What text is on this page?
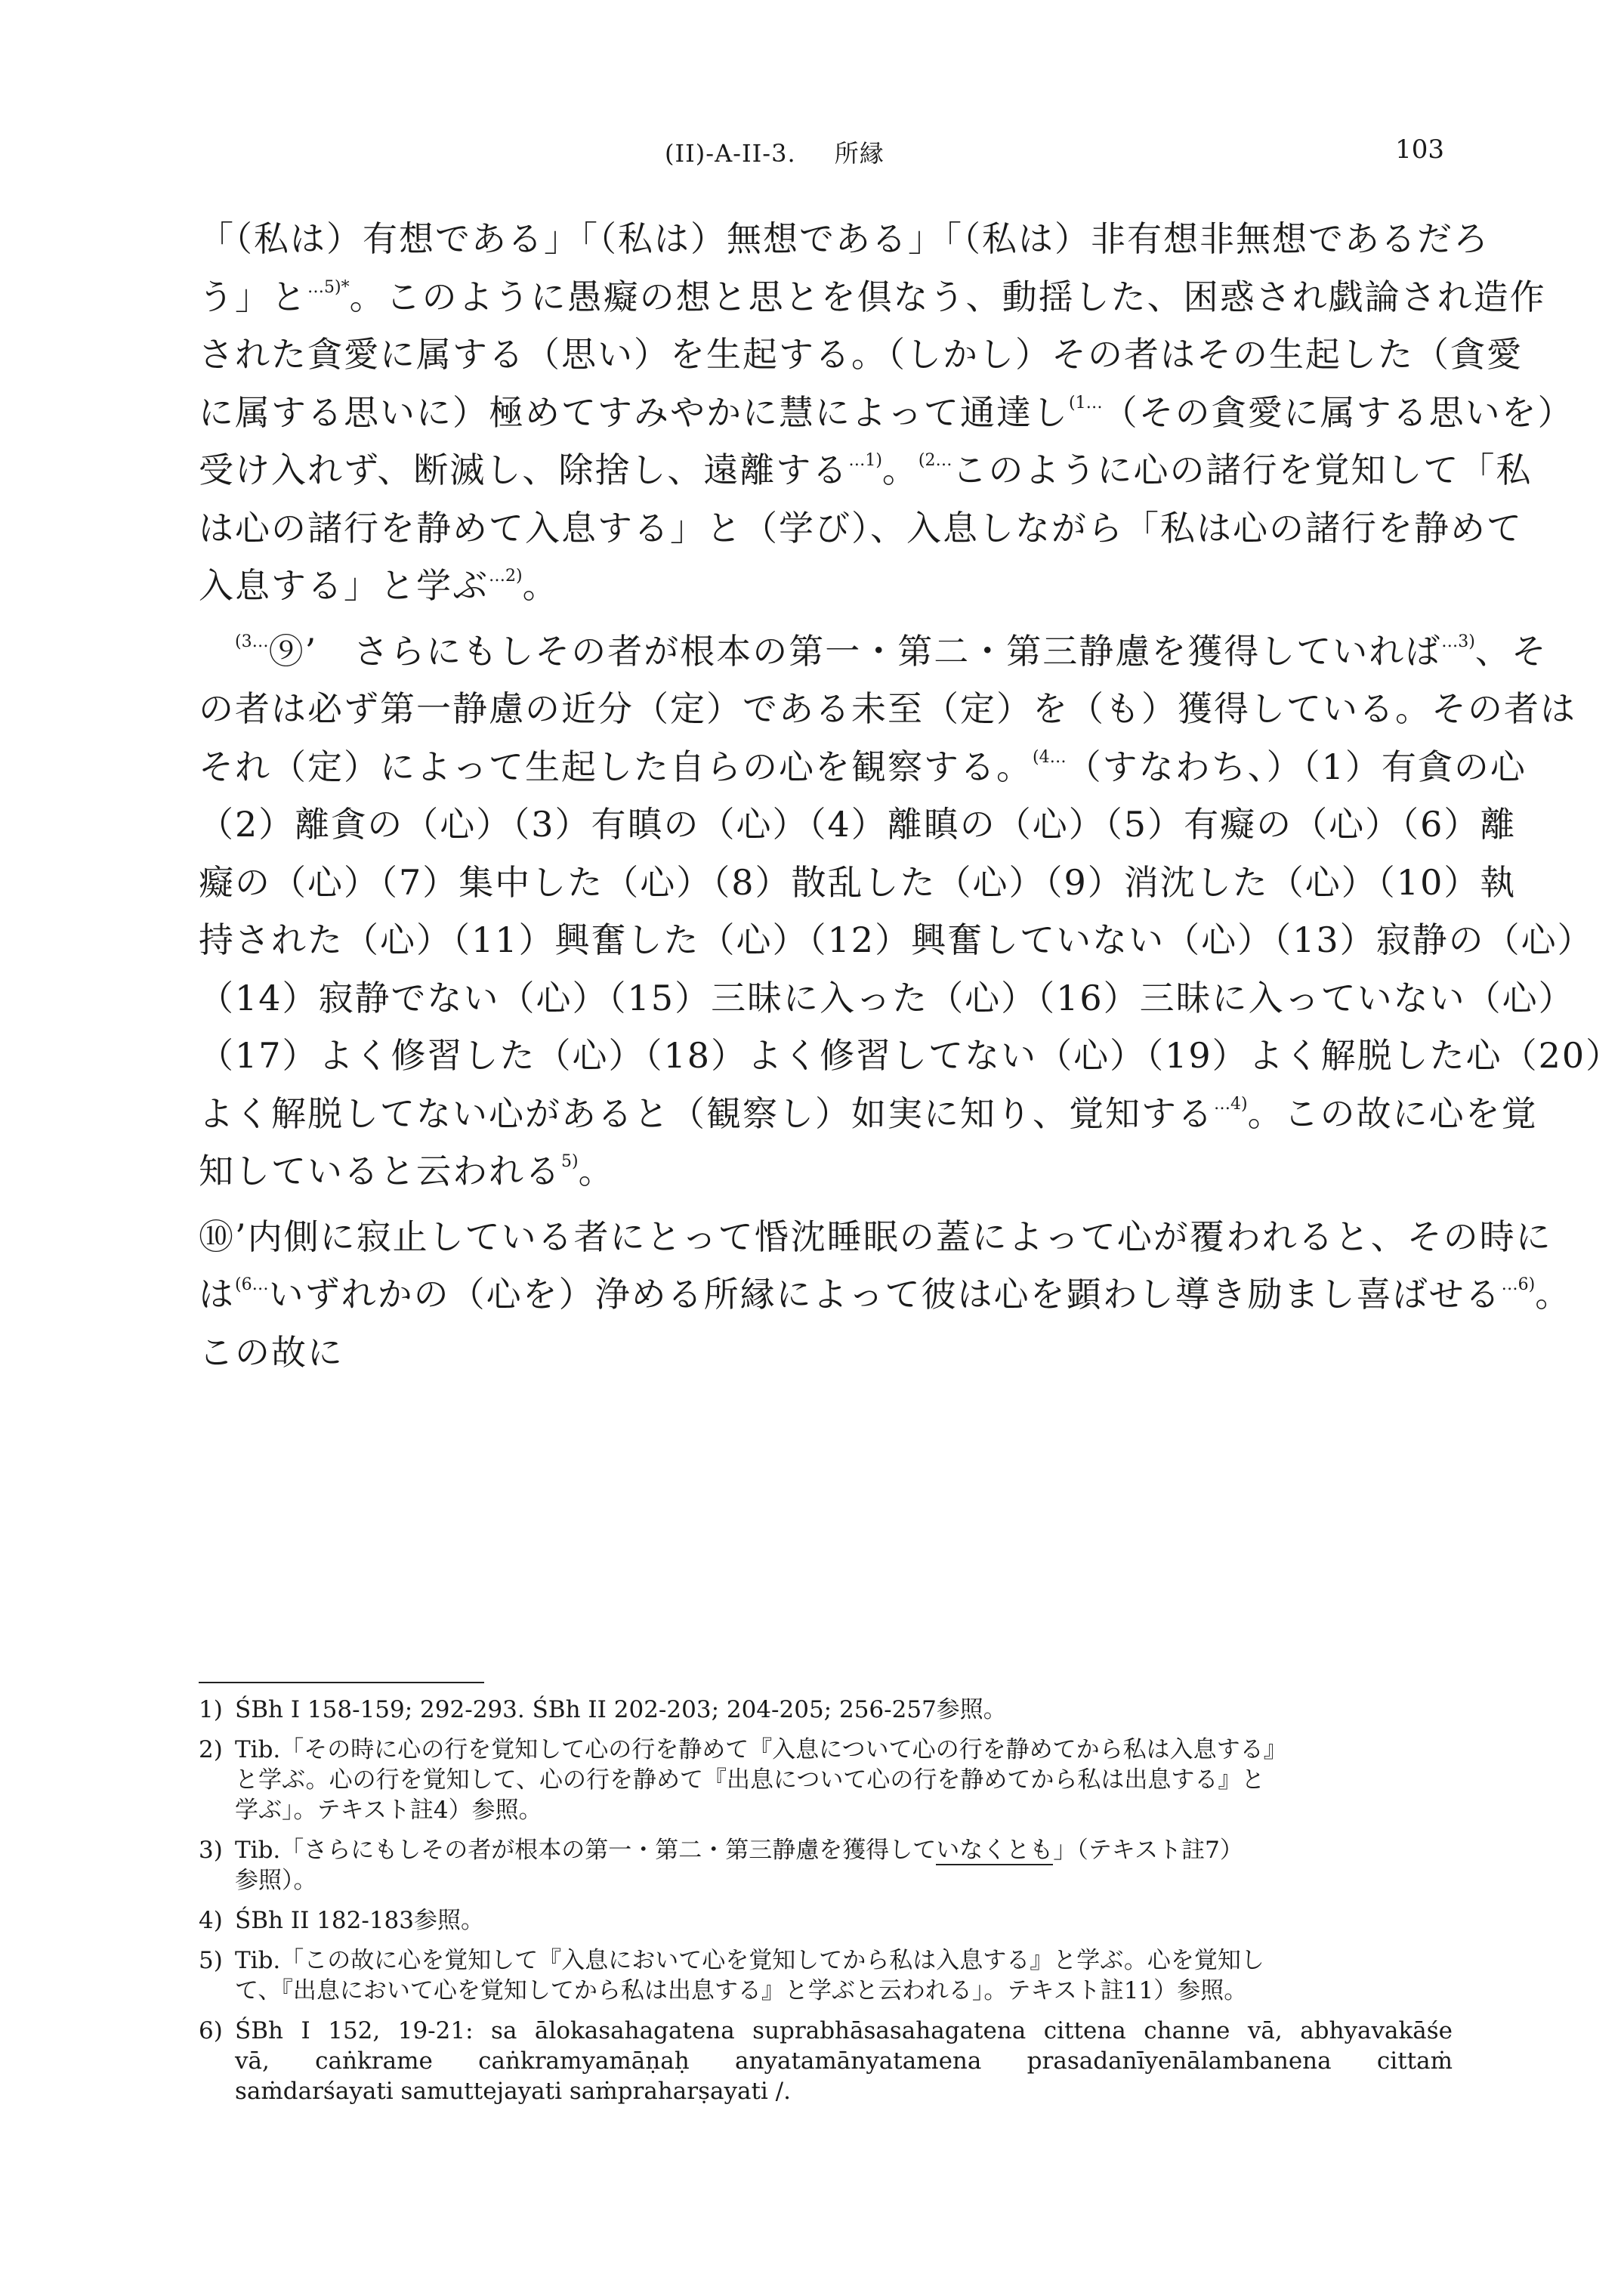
(II)-A-II-3. 所縁	103
「（私は）有想である」「（私は）無想である」「（私は）非有想非無想であるだろ
う」と$^{\dots 5)*}$。このように愚癡の想と思とを倶なう、動揺した、困惑され戯論され造作
された貪愛に属する（思い）を生起する。（しかし）その者はその生起した（貪愛
に属する思いに）極めてすみやかに慧によって通達し$^{(1\dots}$（その貪愛に属する思いを）
受け入れず、断滅し、除捨し、遠離する$^{\dots 1)}$。$^{(2\dots}$このように心の諸行を覚知して「私
は心の諸行を静めて入息する」と（学び）、入息しながら「私は心の諸行を静めて
入息する」と学ぶ$^{\dots 2)}$。
　$^{(3\dots}$⑨’　さらにもしその者が根本の第一・第二・第三静慮を獲得していれば$^{\dots 3)}$、そ
の者は必ず第一静慮の近分（定）である未至（定）を（も）獲得している。その者は
それ（定）によって生起した自らの心を観察する。$^{(4\dots}$（すなわち、）（1）有貪の心
（2）離貪の（心）（3）有瞋の（心）（4）離瞋の（心）（5）有癡の（心）（6）離
癡の（心）（7）集中した（心）（8）散乱した（心）（9）消沈した（心）（10）執
持された（心）（11）興奮した（心）（12）興奮していない（心）（13）寂静の（心）
（14）寂静でない（心）（15）三昧に入った（心）（16）三昧に入っていない（心）
（17）よく修習した（心）（18）よく修習してない（心）（19）よく解脱した心（20）
よく解脱してない心があると（観察し）如実に知り、覚知する$^{\dots 4)}$。この故に心を覚
知していると云われる$^{5)}$。
⑩’内側に寂止している者にとって惛沈睡眠の蓋によって心が覆われると、その時に
は$^{(6\dots}$いずれかの（心を）浄める所縁によって彼は心を顕わし導き励まし喜ばせる$^{\dots 6)}$。
この故に
1) ŚBh I 158-159; 292-293. ŚBh II 202-203; 204-205; 256-257参照。
2) Tib.「その時に心の行を覚知して心の行を静めて『入息について心の行を静めてから私は入息する』
と学ぶ。心の行を覚知して、心の行を静めて『出息について心の行を静めてから私は出息する』と
学ぶ」。テキスト註4）参照。
3) Tib.「さらにもしその者が根本の第一・第二・第三静慮を獲得していなくとも」（テキスト註7）
参照）。
4) ŚBh II 182-183参照。
5) Tib.「この故に心を覚知して『入息において心を覚知してから私は入息する』と学ぶ。心を覚知し
て、『出息において心を覚知してから私は出息する』と学ぶと云われる」。テキスト註11）参照。
6) ŚBh I 152, 19-21: sa ālokasahagatena suprabhāsasahagatena cittena channe vā, abhyavakāśe
vā, caṅkrame caṅkramyamāṇaḥ anyatamānyatamena prasadanīyenālambanena cittaṁ
saṁdarśayati samuttejayati saṁpraharṣayati /.
